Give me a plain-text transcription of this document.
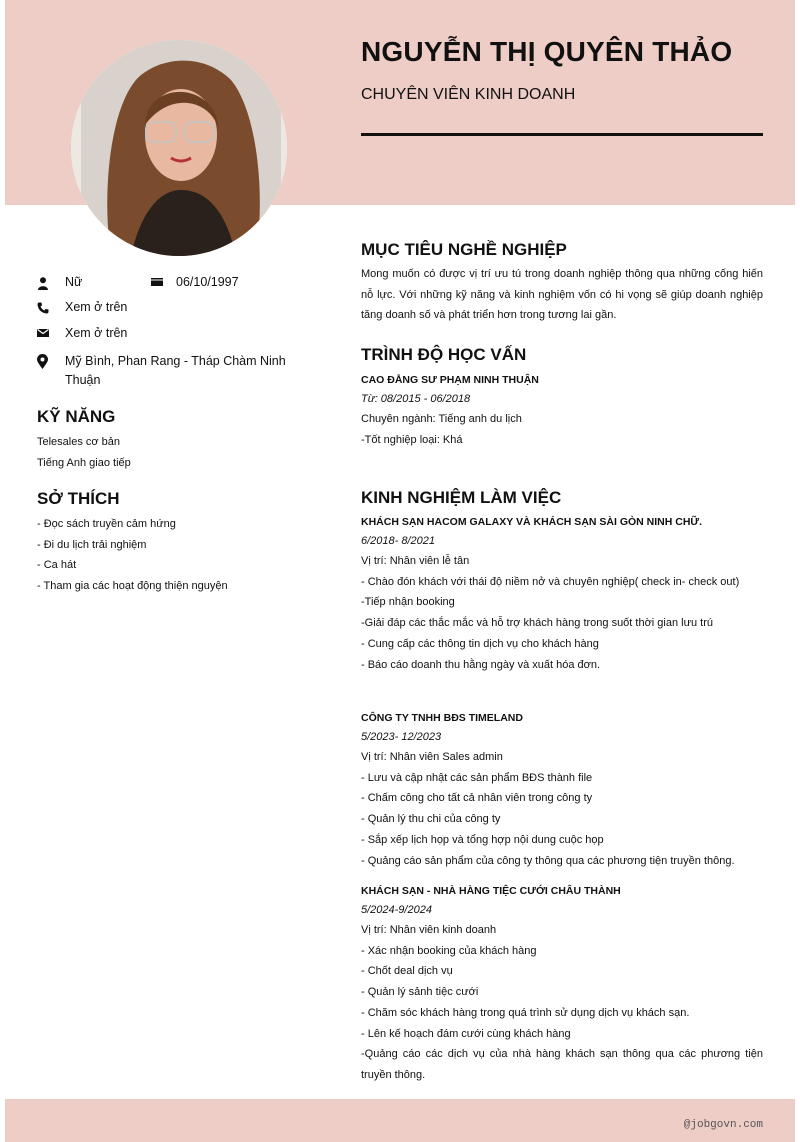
NGUYỄN THỊ QUYÊN THẢO
CHUYÊN VIÊN KINH DOANH
Nữ	06/10/1997
Xem ở trên
Xem ở trên
Mỹ Bình, Phan Rang - Tháp Chàm Ninh Thuận
KỸ NĂNG
Telesales cơ bản
Tiếng Anh giao tiếp
SỞ THÍCH
- Đọc sách truyền cảm hứng
- Đi du lịch trải nghiệm
- Ca hát
- Tham gia các hoạt động thiện nguyện
MỤC TIÊU NGHỀ NGHIỆP
Mong muốn có được vị trí ưu tú trong doanh nghiệp thông qua những cống hiến nỗ lực. Với những kỹ năng và kinh nghiệm vốn có hi vọng sẽ giúp doanh nghiệp tăng doanh số và phát triển hơn trong tương lai gần.
TRÌNH ĐỘ HỌC VẤN
CAO ĐẲNG SƯ PHẠM NINH THUẬN
Từ: 08/2015 - 06/2018
Chuyên ngành: Tiếng anh du lịch
-Tốt nghiệp loại: Khá
KINH NGHIỆM LÀM VIỆC
KHÁCH SẠN HACOM GALAXY VÀ KHÁCH SẠN SÀI GÒN NINH CHỮ.
6/2018- 8/2021
Vị trí: Nhân viên lễ tân
- Chào đón khách với thái độ niềm nở và chuyên nghiệp( check in- check out)
-Tiếp nhận booking
-Giải đáp các thắc mắc và hỗ trợ khách hàng trong suốt thời gian lưu trú
- Cung cấp các thông tin dịch vụ cho khách hàng
- Báo cáo doanh thu hằng ngày và xuất hóa đơn.
CÔNG TY TNHH BĐS TIMELAND
5/2023- 12/2023
Vị trí: Nhân viên Sales admin
- Lưu và cập nhật các sản phẩm BĐS thành file
- Chấm công cho tất cả nhân viên trong công ty
- Quản lý thu chi của công ty
- Sắp xếp lịch họp và tổng hợp nội dung cuộc họp
- Quảng cáo sản phẩm của công ty thông qua các phương tiện truyền thông.
KHÁCH SẠN - NHÀ HÀNG TIỆC CƯỚI CHÂU THÀNH
5/2024-9/2024
Vị trí: Nhân viên kinh doanh
- Xác nhận booking của khách hàng
- Chốt deal dịch vụ
- Quản lý sảnh tiệc cưới
- Chăm sóc khách hàng trong quá trình sử dụng dịch vụ khách sạn.
- Lên kế hoạch đám cưới cùng khách hàng
-Quảng cáo các dịch vụ của nhà hàng khách sạn thông qua các phương tiện truyền thông.
@jobgovn.com
